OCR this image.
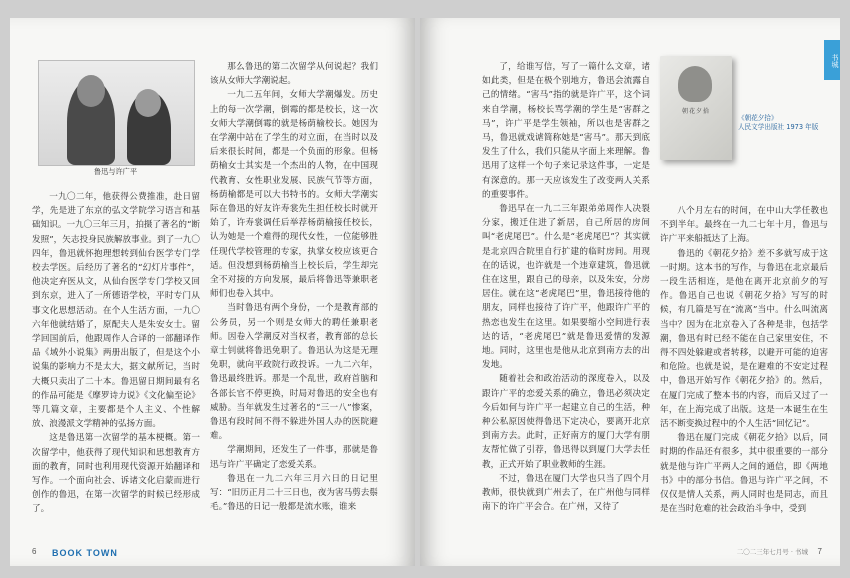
鲁迅与许广平

一九〇二年，他获得公费推准，赴日留学，先是进了东京的弘文学院学习语言和基础知识。一九〇三年三月，拍摄了著名的“断发照”，矢志投身民族解放事业。到了一九〇四年，鲁迅就怀抱理想转到仙台医学专门学校去学医。后经历了著名的“幻灯片事件”，他决定弃医从文，从仙台医学专门学校又回到东京，进入了一所德语学校，平时专门从事文化思想活动。在个人生活方面，一九〇六年他就结婚了，原配夫人是朱安女士。留学回国前后，他跟周作人合译的一部翻译作品《域外小说集》两册出版了，但是这个小说集的影响力不是太大，据文献所记，当时大概只卖出了二十本。鲁迅留日期间最有名的作品可能是《摩罗诗力说》《文化偏至论》等几篇文章，主要都是个人主义、个性解放、浪漫派文学精神的弘扬方面。

这是鲁迅第一次留学的基本梗概。第一次留学中，他获得了现代知识和思想教育方面的教育，同时也利用现代资源开始翻译和写作。一个面向社会、诉诸文化启蒙而进行创作的鲁迅，在第一次留学的时候已经形成了。

那么鲁迅的第二次留学从何说起？我们该从女师大学潮说起。

一九二五年间，女师大学潮爆发。历史上的每一次学潮，倒霉的都是校长，这一次女师大学潮倒霉的就是杨荫榆校长。她因为在学潮中站在了学生的对立面，在当时以及后来很长时间，都是一个负面的形象。但杨荫榆女士其实是一个杰出的人物，在中国现代教育、女性职业发展、民族气节等方面，杨荫榆都是可以大书特书的。女师大学潮实际在鲁迅的好友许寿裳先生担任校长时就开始了，许寿裳调任后举荐杨荫榆接任校长，认为她是一个难得的现代女性，一位能够胜任现代学校管理的专家，执掌女校应该更合适。但没想到杨荫榆当上校长后，学生却完全不对接的方向发展，最后将鲁迅等兼职老师们也卷入其中。

当时鲁迅有两个身份，一个是教育部的公务员，另一个则是女师大的聘任兼职老师。因卷入学潮反对当权者，教育部的总长章士钊就将鲁迅免职了。鲁迅认为这是无理免职，就向平政院行政投诉。一九二六年，鲁迅最终胜诉。那是一个乱世，政府首脑和各部长官不停更换，时局对鲁迅的安全也有威胁。当年就发生过著名的“三一八”惨案，鲁迅有段时间不得不躲进外国人办的医院避难。

学潮期间，还发生了一件事，那就是鲁迅与许广平确定了恋爱关系。

鲁迅在一九二六年三月六日的日记里写：“旧历正月二十三日也，夜为害马剪去鬃毛。”鲁迅的日记一般都是流水账，谁来

6 BOOK TOWN
书城

了，给谁写信，写了一篇什么文章，诸如此类，但是在极个别地方，鲁迅会流露自己的情绪。“害马”指的就是许广平，这个词来自学潮，杨校长骂学潮的学生是“害群之马”，许广平是学生领袖，所以也是害群之马，鲁迅就戏谑简称她是“害马”。那天到底发生了什么，我们只能从字面上来理解。鲁迅用了这样一个句子来记录这件事，一定是有深意的。那一天应该发生了改变两人关系的重要事件。

鲁迅早在一九二三年跟弟弟周作人决裂分家，搬迁住进了新居，自己所居的房间叫“老虎尾巴”。什么是“老虎尾巴”？其实就是北京四合院里自行扩建的临时房间。用现在的话说，也许就是一个违章建筑，鲁迅就住在这里，跟自己的母亲，以及朱安，分房居住。就在这“老虎尾巴”里，鲁迅接待他的朋友，同样也接待了许广平，他跟许广平的热恋也发生在这里。如果要缩小空间进行表达的话，“老虎尾巴”就是鲁迅爱情的发源地。同时，这里也是他从北京到南方去的出发地。

随着社会和政治活动的深度卷入，以及跟许广平的恋爱关系的确立，鲁迅必须决定今后如何与许广平一起建立自己的生活，种种公私原因使得鲁迅下定决心，要离开北京到南方去。此时，正好南方的厦门大学有朋友帮忙做了引荐，鲁迅得以到厦门大学去任教，正式开始了职业教师的生涯。

不过，鲁迅在厦门大学也只当了四个月教师，很快就到广州去了，在广州他与同样南下的许广平会合。在广州，又待了

朝花夕拾
《朝花夕拾》
人民文学出版社 1973 年版

八个月左右的时间，在中山大学任教也不到半年。最终在一九二七年十月，鲁迅与许广平来船抵达了上海。

鲁迅的《朝花夕拾》差不多就写成于这一时期。这本书的写作，与鲁迅在北京最后一段生活相连，是他在离开北京前夕的写作。鲁迅自己也说《朝花夕拾》写写的时候，有几篇是写在“流离”当中。什么叫流离当中？因为在北京卷入了各种是非，包括学潮，鲁迅有时已经不能在自己家里安住，不得不四处躲避或者转移，以避开可能的迫害和危险。也就是说，是在避难的不安定过程中，鲁迅开始写作《朝花夕拾》的。然后，在厦门完成了整本书的内容，而后又过了一年，在上海完成了出版。这是一本诞生在生活不断变换过程中的个人生活“回忆记”。

鲁迅在厦门完成《朝花夕拾》以后，同时期的作品还有很多，其中很重要的一部分就是他与许广平两人之间的通信，即《两地书》中的部分书信。鲁迅与许广平之间，不仅仅是情人关系，两人同时也是同志，而且是在当时危难的社会政治斗争中，受到

二〇二三年七月号 · 书城 7
